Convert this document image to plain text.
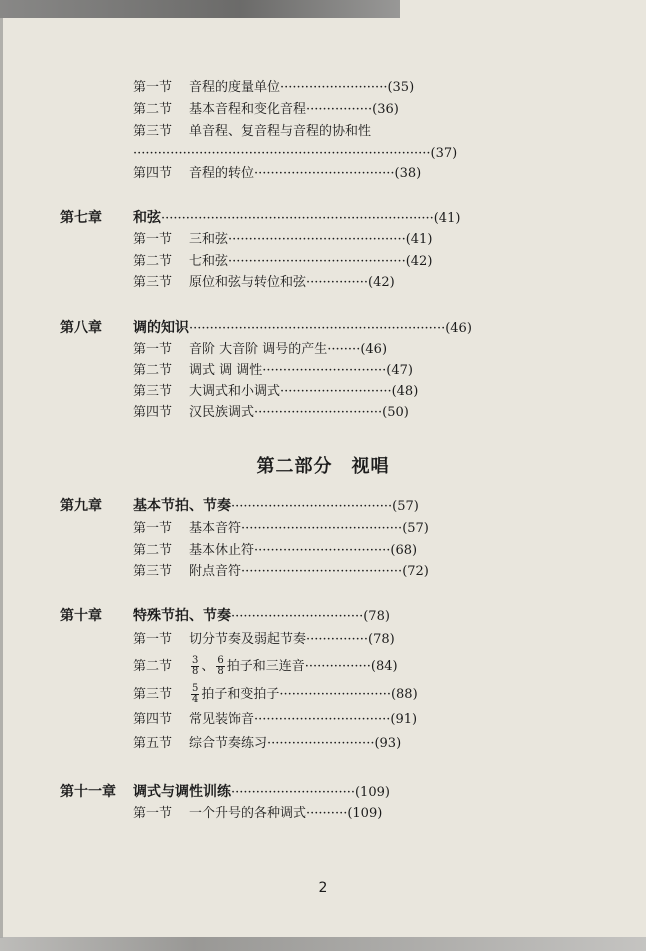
第一节 音程的度量单位··························(35)
第二节 基本音程和变化音程················(36)
第三节 单音程、复音程与音程的协和性
········································································(37)
第四节 音程的转位··································(38)
第七章 和弦··································································(41)
第一节 三和弦···········································(41)
第二节 七和弦···········································(42)
第三节 原位和弦与转位和弦···············(42)
第八章 调的知识······························································(46)
第一节 音阶 大音阶 调号的产生········(46)
第二节 调式 调 调性······························(47)
第三节 大调式和小调式···························(48)
第四节 汉民族调式·······························(50)
第二部分　视唱
第九章 基本节拍、节奏·······································(57)
第一节 基本音符·······································(57)
第二节 基本休止符·································(68)
第三节 附点音符·······································(72)
第十章 特殊节拍、节奏································(78)
第一节 切分节奏及弱起节奏···············(78)
第二节 $\frac{3}{8}$ 、 $\frac{6}{8}$ 拍子和三连音················(84)
第三节 $\frac{5}{4}$ 拍子和变拍子···························(88)
第四节 常见装饰音·································(91)
第五节 综合节奏练习··························(93)
第十一章 调式与调性训练······························(109)
第一节 一个升号的各种调式··········(109)
2
